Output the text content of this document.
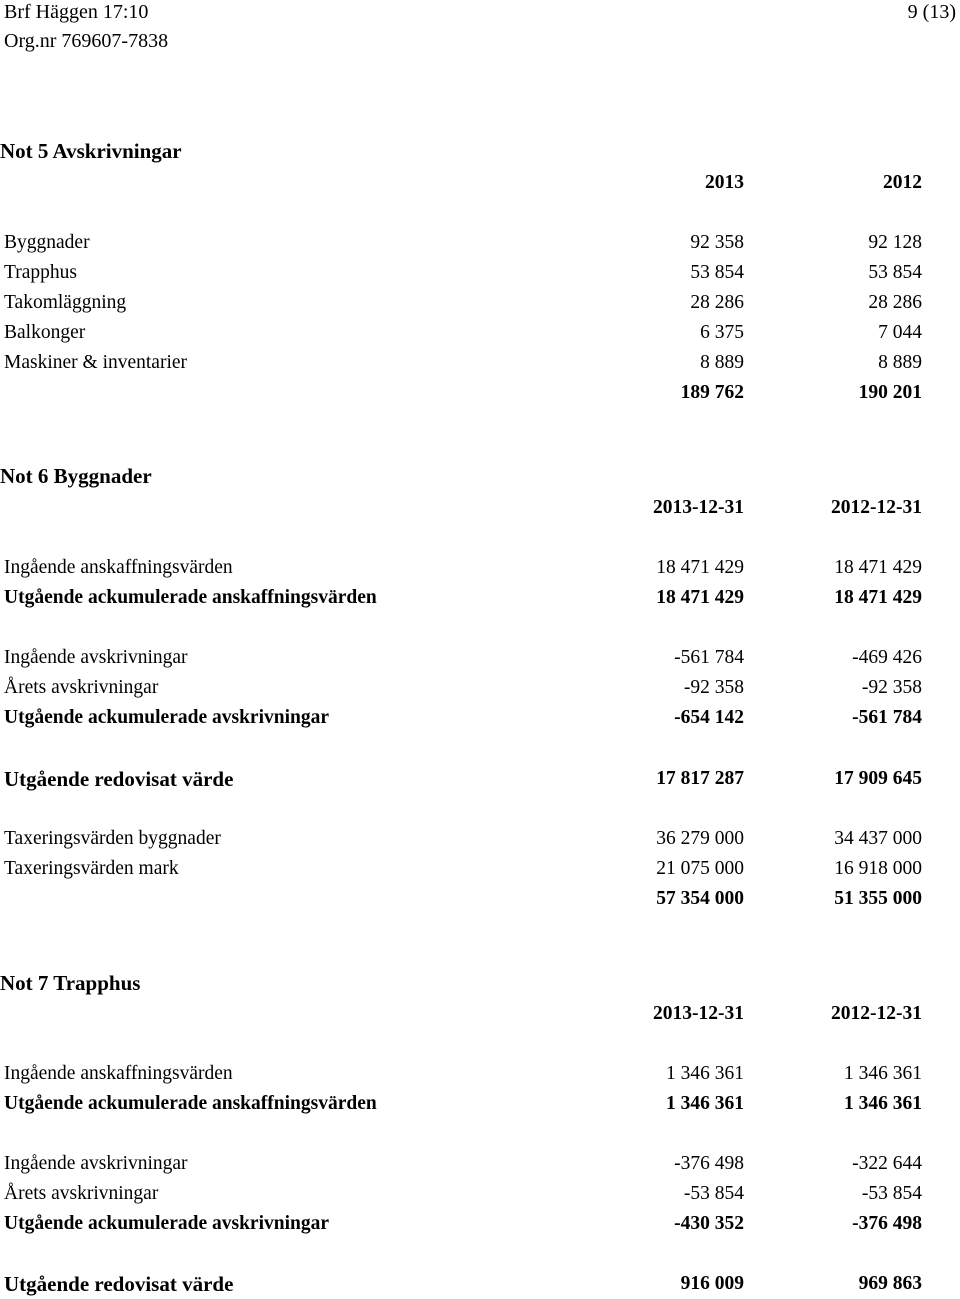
Brf Häggen 17:10	9 (13)
Org.nr 769607-7838
Not 5 Avskrivningar
2013	2012
Byggnader	92 358	92 128
Trapphus	53 854	53 854
Takomläggning	28 286	28 286
Balkonger	6 375	7 044
Maskiner & inventarier	8 889	8 889
189 762	190 201
Not 6 Byggnader
2013-12-31	2012-12-31
Ingående anskaffningsvärden	18 471 429	18 471 429
Utgående ackumulerade anskaffningsvärden	18 471 429	18 471 429
Ingående avskrivningar	-561 784	-469 426
Årets avskrivningar	-92 358	-92 358
Utgående ackumulerade avskrivningar	-654 142	-561 784
Utgående redovisat värde	17 817 287	17 909 645
Taxeringsvärden byggnader	36 279 000	34 437 000
Taxeringsvärden mark	21 075 000	16 918 000
57 354 000	51 355 000
Not 7 Trapphus
2013-12-31	2012-12-31
Ingående anskaffningsvärden	1 346 361	1 346 361
Utgående ackumulerade anskaffningsvärden	1 346 361	1 346 361
Ingående avskrivningar	-376 498	-322 644
Årets avskrivningar	-53 854	-53 854
Utgående ackumulerade avskrivningar	-430 352	-376 498
Utgående redovisat värde	916 009	969 863
